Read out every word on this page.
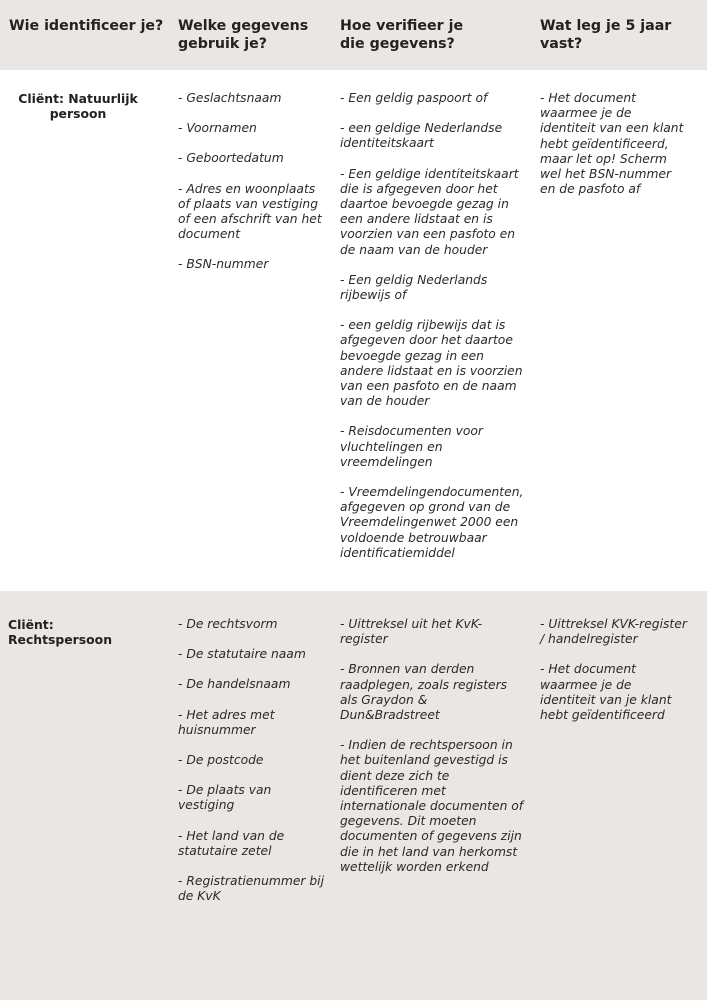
Wie identificeer je?	Welke gegevens
gebruik je?
Hoe verifieer je
die gegevens?
Wat leg je 5 jaar
vast?
Cliënt: Natuurlijk persoon
- Geslachtsnaam
- Voornamen
- Geboortedatum
- Adres en woonplaats of plaats van vestiging of een afschrift van het document
- BSN-nummer
- Een geldig paspoort of
- een geldige Nederlandse identiteitskaart
- Een geldige identiteitskaart die is afgegeven door het daartoe bevoegde gezag in een andere lidstaat en is voorzien van een pasfoto en de naam van de houder
- Een geldig Nederlands rijbewijs of
- een geldig rijbewijs dat is afgegeven door het daartoe bevoegde gezag in een andere lidstaat en is voorzien van een pasfoto en de naam van de houder
- Reisdocumenten voor vluchtelingen en vreemdelingen
- Vreemdelingendocumenten, afgegeven op grond van de Vreemdelingenwet 2000 een voldoende betrouwbaar identificatiemiddel
- Het document waarmee je de identiteit van een klant hebt geïdentificeerd, maar let op! Scherm wel het BSN-nummer en de pasfoto af
Cliënt: Rechtspersoon
- De rechtsvorm
- De statutaire naam
- De handelsnaam
- Het adres met huisnummer
- De postcode
- De plaats van vestiging
- Het land van de statutaire zetel
- Registratienummer bij de KvK
- Uittreksel uit het KvK-register
- Bronnen van derden raadplegen, zoals registers als Graydon & Dun&Bradstreet
- Indien de rechtspersoon in het buitenland gevestigd is dient deze zich te identificeren met internationale documenten of gegevens. Dit moeten documenten of gegevens zijn die in het land van herkomst wettelijk worden erkend
- Uittreksel KVK-register / handelregister
- Het document waarmee je de identiteit van je klant hebt geïdentificeerd
